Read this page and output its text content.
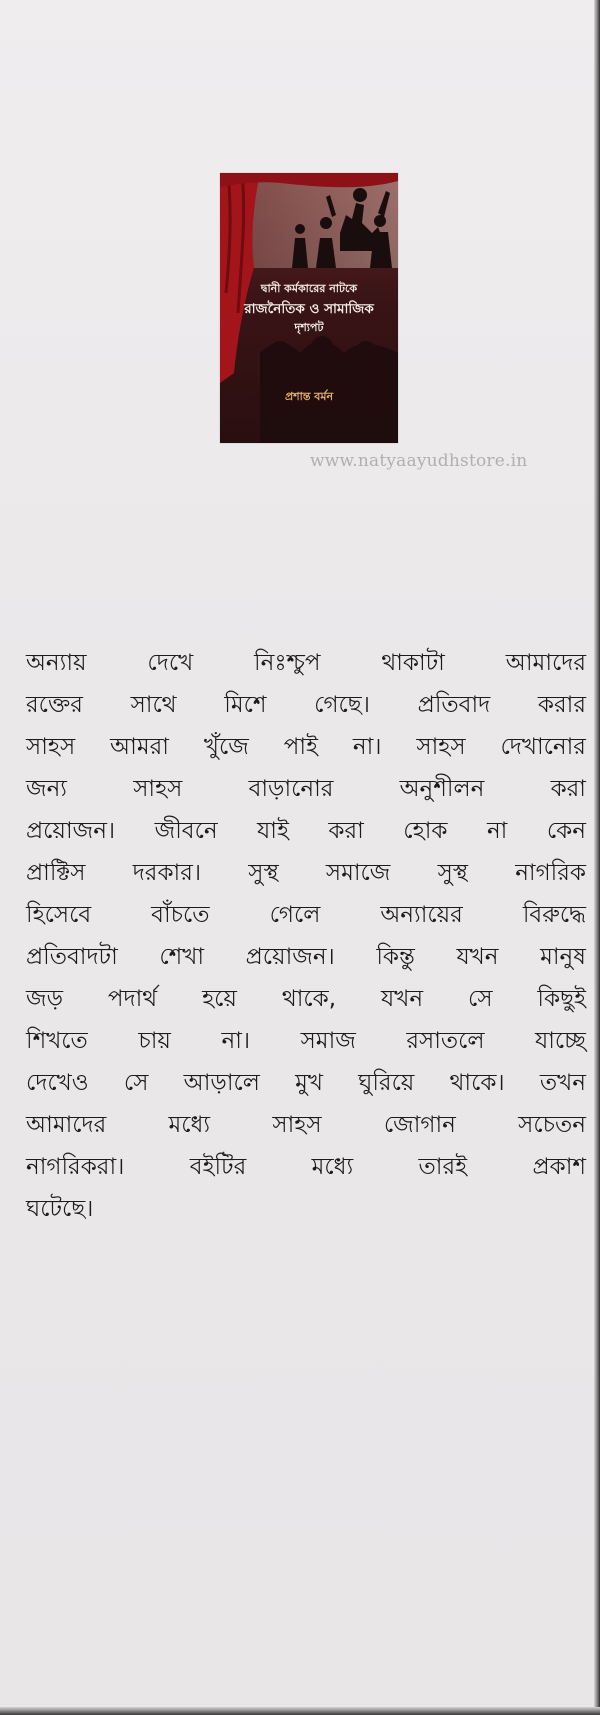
দ্বানী কর্মকারের নাটকে
রাজনৈতিক ও সামাজিক
দৃশ্যপট
প্রশান্ত বর্মন
www.natyaayudhstore.in
অন্যায়	দেখে	নিঃশ্চুপ	থাকাটা	আমাদের
রক্তের সাথে মিশে গেছে। প্রতিবাদ করার
সাহস আমরা খুঁজে পাই না। সাহস দেখানোর
জন্য	সাহস	বাড়ানোর	অনুশীলন	করা
প্রয়োজন। জীবনে যাই করা হোক না কেন
প্রাক্টিস দরকার। সুস্থ সমাজে সুস্থ নাগরিক
হিসেবে	বাঁচতে	গেলে	অন্যায়ের	বিরুদ্ধে
প্রতিবাদটা শেখা প্রয়োজন। কিন্তু যখন মানুষ
জড় পদার্থ হয়ে থাকে, যখন সে কিছুই
শিখতে চায় না। সমাজ রসাতলে যাচ্ছে
দেখেও সে আড়ালে মুখ ঘুরিয়ে থাকে। তখন
আমাদের	মধ্যে	সাহস	জোগান	সচেতন
নাগরিকরা।	বইটির	মধ্যে	তারই	প্রকাশ
ঘটেছে।
